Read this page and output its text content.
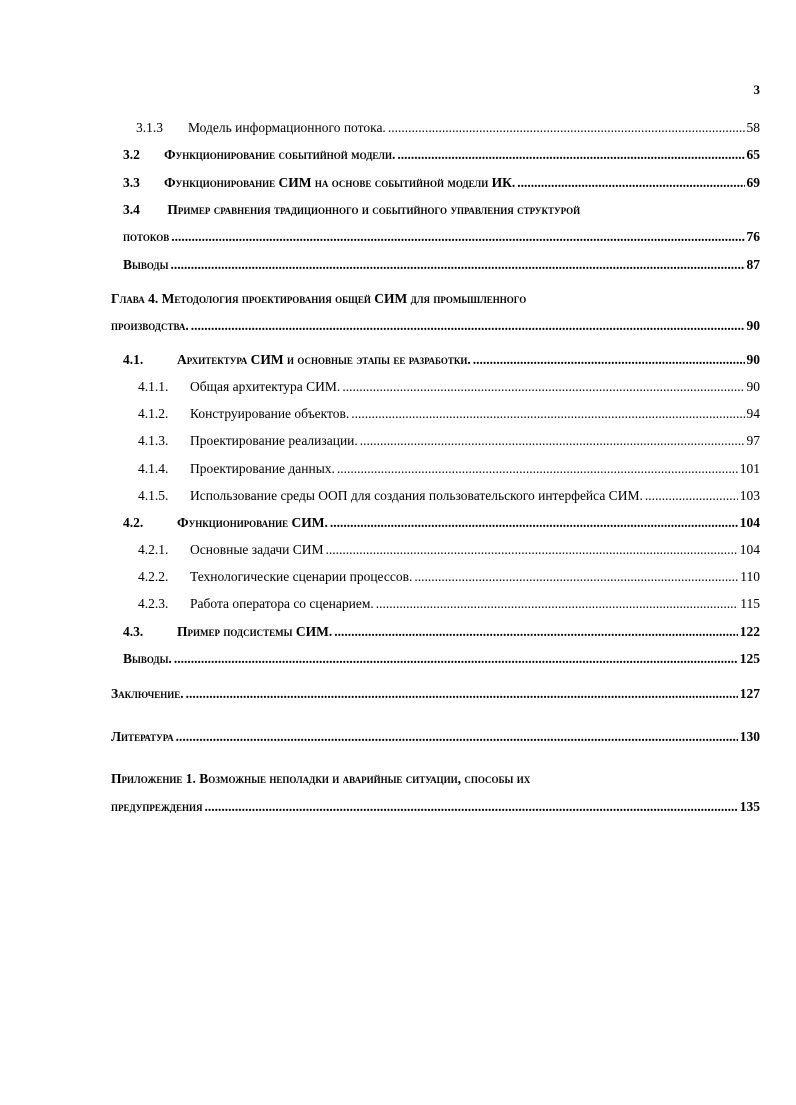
3
3.1.3	Модель информационного потока. .....	58
3.2	Функционирование событийной модели. .....	65
3.3	Функционирование СИМ на основе событийной модели ИК. .....	69
3.4 Пример сравнения традиционного и событийного управления структурой
потоков .....	76
Выводы .....	87
Глава 4. Методология проектирования общей СИМ для промышленного
производства. .....	90
4.1.	Архитектура СИМ и основные этапы ее разработки. .....	90
4.1.1.	Общая архитектура СИМ. .....	90
4.1.2.	Конструирование объектов. .....	94
4.1.3.	Проектирование реализации. .....	97
4.1.4.	Проектирование данных. .....	101
4.1.5.	Использование среды ООП для создания пользовательского интерфейса СИМ. .....	103
4.2.	Функционирование СИМ. .....	104
4.2.1.	Основные задачи СИМ .....	104
4.2.2.	Технологические сценарии процессов. .....	110
4.2.3.	Работа оператора со сценарием. .....	115
4.3.	Пример подсистемы СИМ. .....	122
Выводы. .....	125
Заключение. .....	127
Литература .....	130
Приложение 1. Возможные неполадки и аварийные ситуации, способы их
предупреждения .....	135
